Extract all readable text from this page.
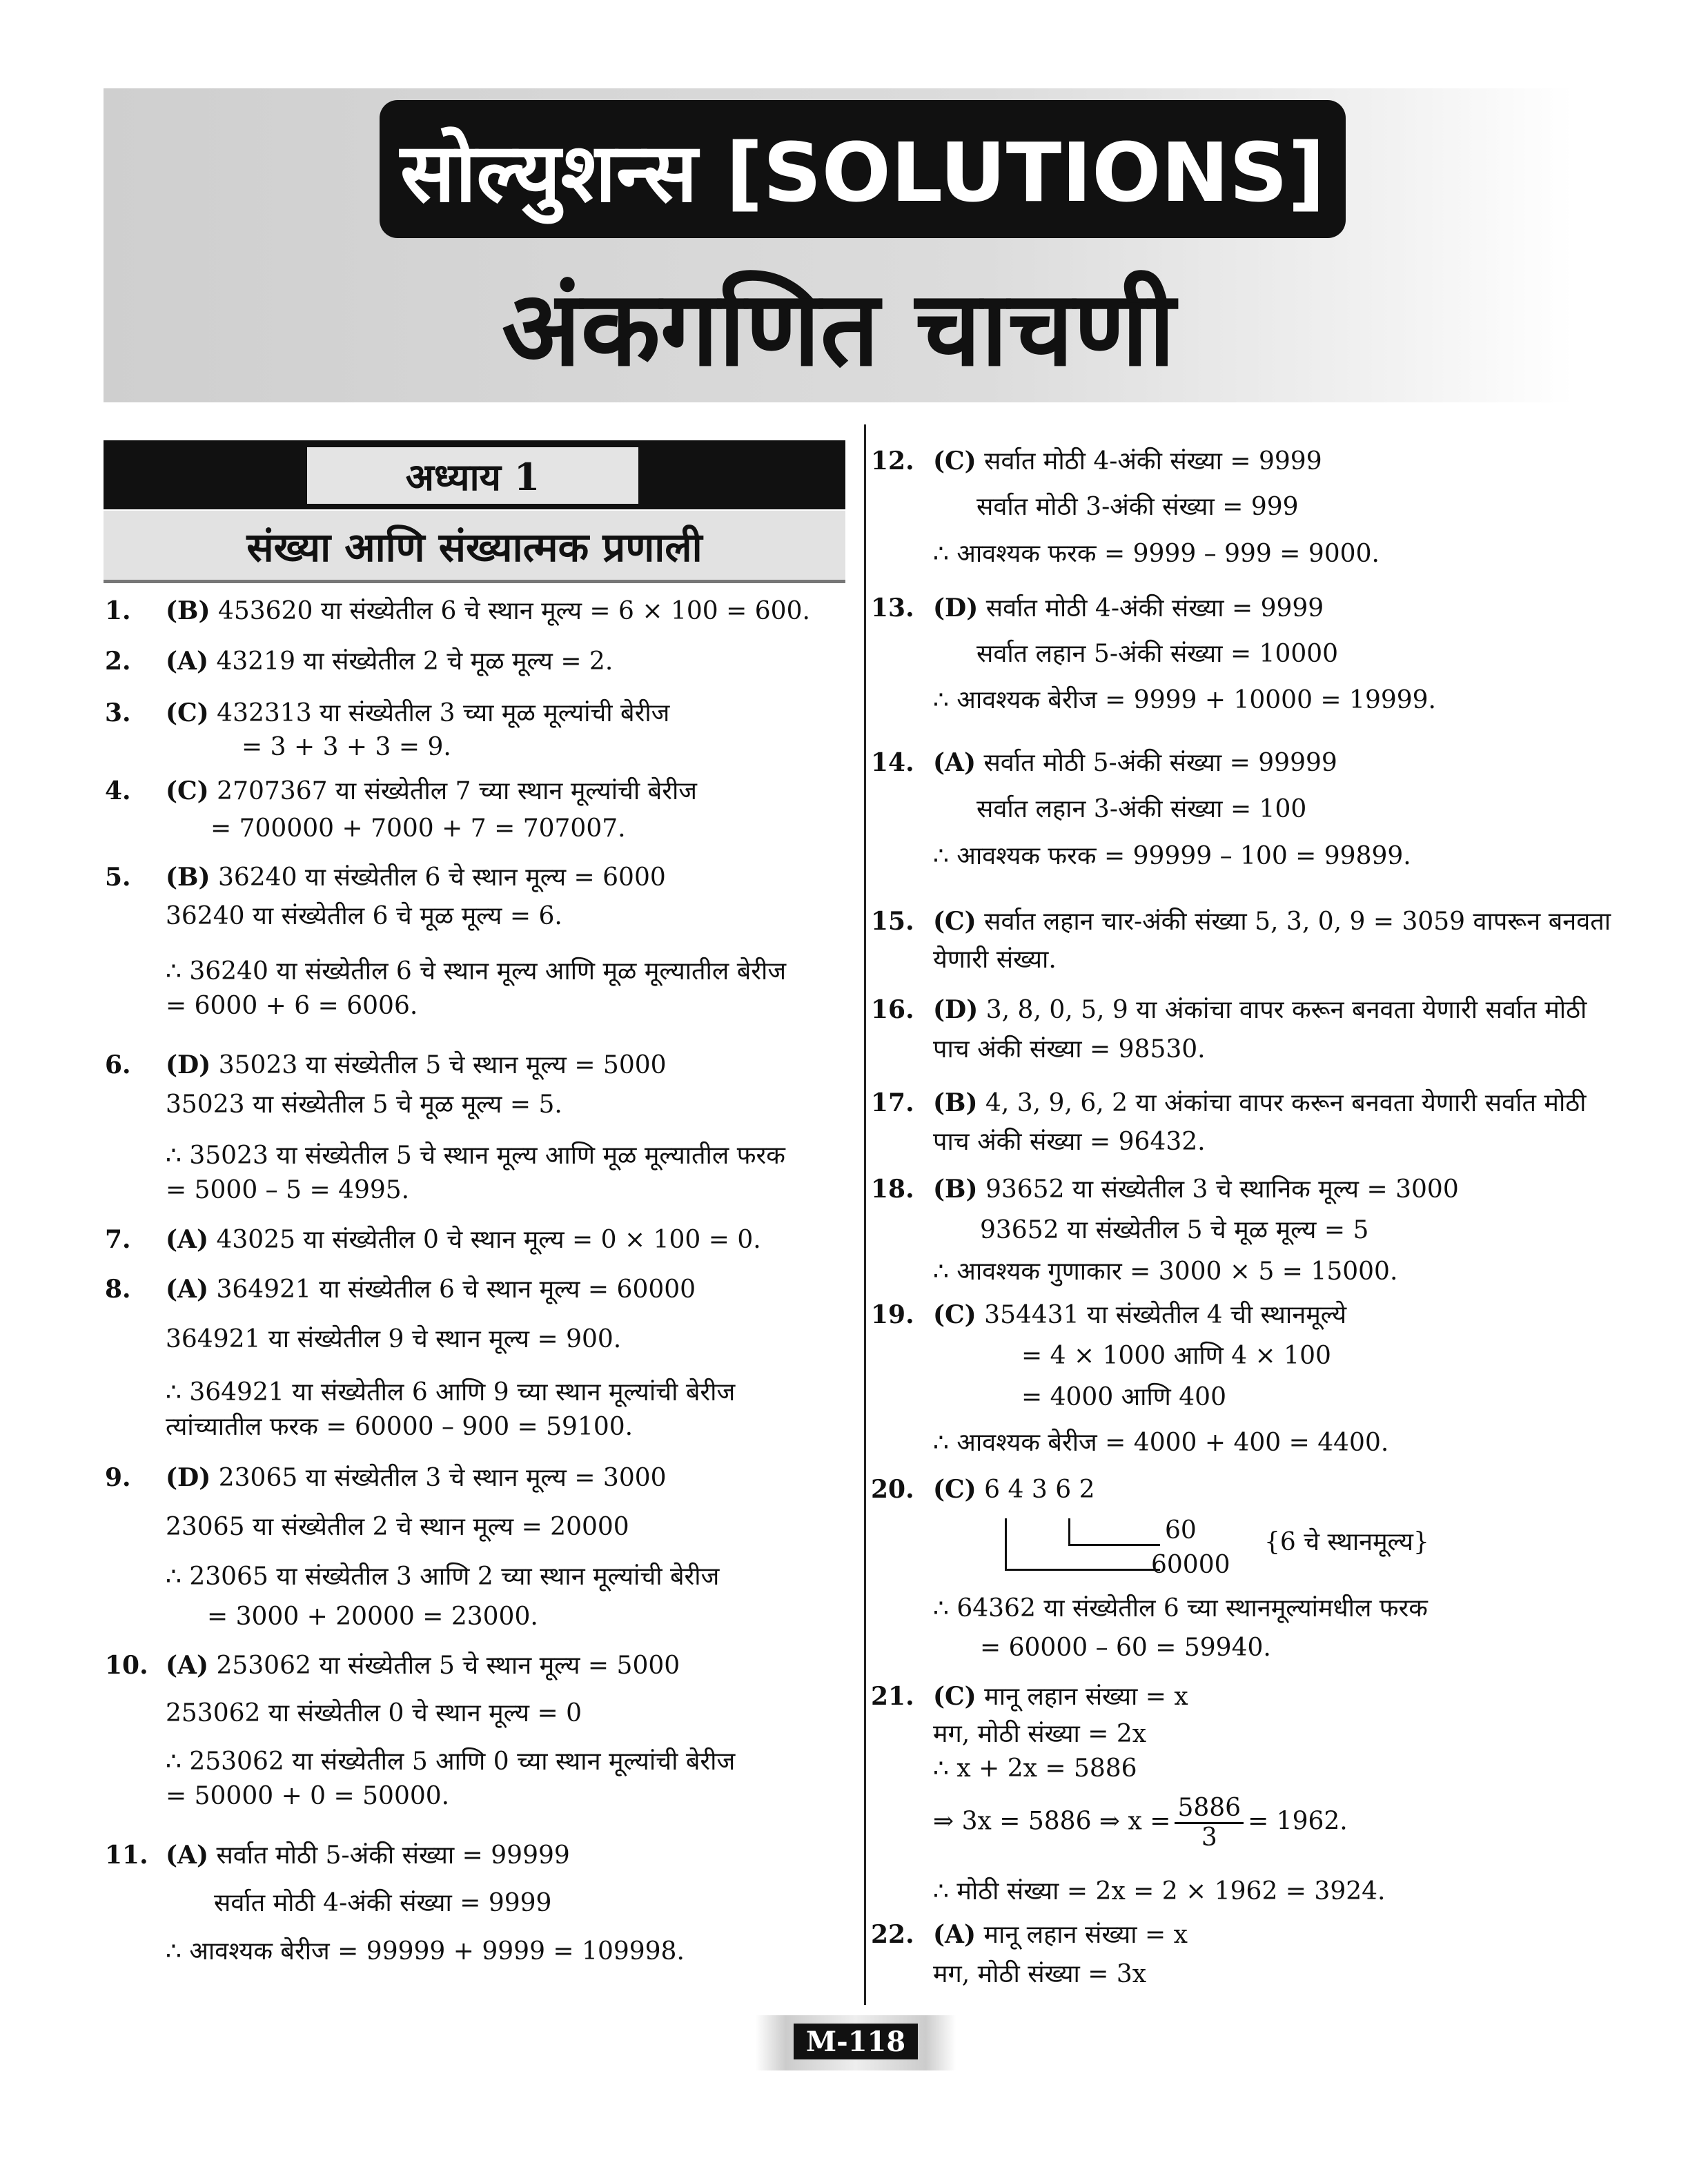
सोल्युशन्स [SOLUTIONS]
अंकगणित चाचणी
अध्याय 1
संख्या आणि संख्यात्मक प्रणाली
1. (B) 453620 या संख्येतील 6 चे स्थान मूल्य = 6 × 100 = 600.
2. (A) 43219 या संख्येतील 2 चे मूळ मूल्य = 2.
3. (C) 432313 या संख्येतील 3 च्या मूळ मूल्यांची बेरीज
= 3 + 3 + 3 = 9.
4. (C) 2707367 या संख्येतील 7 च्या स्थान मूल्यांची बेरीज
= 700000 + 7000 + 7 = 707007.
5. (B) 36240 या संख्येतील 6 चे स्थान मूल्य = 6000
36240 या संख्येतील 6 चे मूळ मूल्य = 6.
∴ 36240 या संख्येतील 6 चे स्थान मूल्य आणि मूळ मूल्यातील बेरीज
= 6000 + 6 = 6006.
6. (D) 35023 या संख्येतील 5 चे स्थान मूल्य = 5000
35023 या संख्येतील 5 चे मूळ मूल्य = 5.
∴ 35023 या संख्येतील 5 चे स्थान मूल्य आणि मूळ मूल्यातील फरक
= 5000 – 5 = 4995.
7. (A) 43025 या संख्येतील 0 चे स्थान मूल्य = 0 × 100 = 0.
8. (A) 364921 या संख्येतील 6 चे स्थान मूल्य = 60000
364921 या संख्येतील 9 चे स्थान मूल्य = 900.
∴ 364921 या संख्येतील 6 आणि 9 च्या स्थान मूल्यांची बेरीज
त्यांच्यातील फरक = 60000 – 900 = 59100.
9. (D) 23065 या संख्येतील 3 चे स्थान मूल्य = 3000
23065 या संख्येतील 2 चे स्थान मूल्य = 20000
∴ 23065 या संख्येतील 3 आणि 2 च्या स्थान मूल्यांची बेरीज
= 3000 + 20000 = 23000.
10. (A) 253062 या संख्येतील 5 चे स्थान मूल्य = 5000
253062 या संख्येतील 0 चे स्थान मूल्य = 0
∴ 253062 या संख्येतील 5 आणि 0 च्या स्थान मूल्यांची बेरीज
= 50000 + 0 = 50000.
11. (A) सर्वात मोठी 5-अंकी संख्या = 99999
सर्वात मोठी 4-अंकी संख्या = 9999
∴ आवश्यक बेरीज = 99999 + 9999 = 109998.
12. (C) सर्वात मोठी 4-अंकी संख्या = 9999
सर्वात मोठी 3-अंकी संख्या = 999
∴ आवश्यक फरक = 9999 – 999 = 9000.
13. (D) सर्वात मोठी 4-अंकी संख्या = 9999
सर्वात लहान 5-अंकी संख्या = 10000
∴ आवश्यक बेरीज = 9999 + 10000 = 19999.
14. (A) सर्वात मोठी 5-अंकी संख्या = 99999
सर्वात लहान 3-अंकी संख्या = 100
∴ आवश्यक फरक = 99999 – 100 = 99899.
15. (C) सर्वात लहान चार-अंकी संख्या 5, 3, 0, 9 = 3059 वापरून बनवता
येणारी संख्या.
16. (D) 3, 8, 0, 5, 9 या अंकांचा वापर करून बनवता येणारी सर्वात मोठी
पाच अंकी संख्या = 98530.
17. (B) 4, 3, 9, 6, 2 या अंकांचा वापर करून बनवता येणारी सर्वात मोठी
पाच अंकी संख्या = 96432.
18. (B) 93652 या संख्येतील 3 चे स्थानिक मूल्य = 3000
93652 या संख्येतील 5 चे मूळ मूल्य = 5
∴ आवश्यक गुणाकार = 3000 × 5 = 15000.
19. (C) 354431 या संख्येतील 4 ची स्थानमूल्ये
= 4 × 1000 आणि 4 × 100
= 4000 आणि 400
∴ आवश्यक बेरीज = 4000 + 400 = 4400.
20. (C) 6 4 3 6 2
60
60000
{6 चे स्थानमूल्य}
∴ 64362 या संख्येतील 6 च्या स्थानमूल्यांमधील फरक
= 60000 – 60 = 59940.
21. (C) मानू लहान संख्या = x
मग, मोठी संख्या = 2x
∴ x + 2x = 5886
⇒ 3x = 5886 ⇒ $x = \frac{5886}{3} = 1962$.
∴ मोठी संख्या = 2x = 2 × 1962 = 3924.
22. (A) मानू लहान संख्या = x
मग, मोठी संख्या = 3x
M-118
